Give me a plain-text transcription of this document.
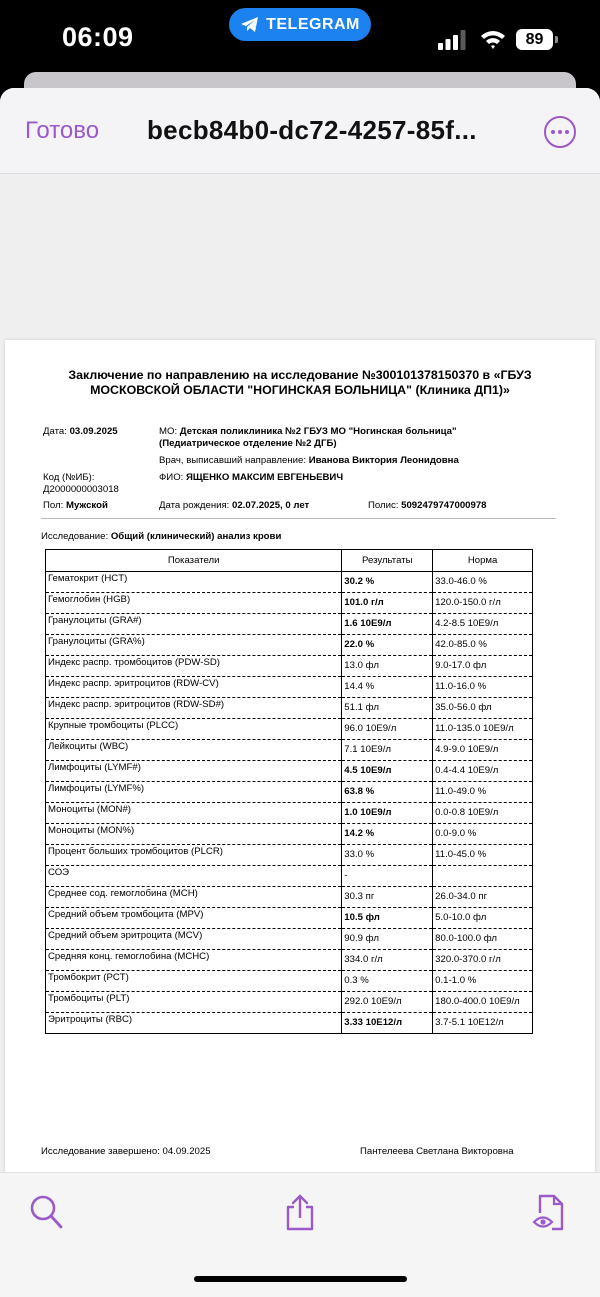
06:09	TELEGRAM
89
Готово becb84b0-dc72-4257-85f...
Заключение по направлению на исследование №300101378150370 в «ГБУЗ МОСКОВСКОЙ ОБЛАСТИ "НОГИНСКАЯ БОЛЬНИЦА" (Клиника ДП1)»
Дата: 03.09.2025	МО: Детская поликлиника №2 ГБУЗ МО "Ногинская больница"
(Педиатрическое отделение №2 ДГБ)
Врач, выписавший направление: Иванова Виктория Леонидовна
Код (№ИБ):
Д2000000003018
ФИО: ЯЩЕНКО МАКСИМ ЕВГЕНЬЕВИЧ
Пол: Мужской	Дата рождения: 02.07.2025, 0 лет	Полис: 5092479747000978
Исследование: Общий (клинический) анализ крови
Показатели	Результаты	Норма
Гематокрит (HCT)	30.2 %	33.0-46.0 %
Гемоглобин (HGB)	101.0 г/л	120.0-150.0 г/л
Гранулоциты (GRA#)	1.6 10E9/л	4.2-8.5 10E9/л
Гранулоциты (GRA%)	22.0 %	42.0-85.0 %
Индекс распр. тромбоцитов (PDW-SD)	13.0 фл	9.0-17.0 фл
Индекс распр. эритроцитов (RDW-CV)	14.4 %	11.0-16.0 %
Индекс распр. эритроцитов (RDW-SD#)	51.1 фл	35.0-56.0 фл
Крупные тромбоциты (PLCC)	96.0 10E9/л	11.0-135.0 10E9/л
Лейкоциты (WBC)	7.1 10E9/л	4.9-9.0 10E9/л
Лимфоциты (LYMF#)	4.5 10E9/л	0.4-4.4 10E9/л
Лимфоциты (LYMF%)	63.8 %	11.0-49.0 %
Моноциты (MON#)	1.0 10E9/л	0.0-0.8 10E9/л
Моноциты (MON%)	14.2 %	0.0-9.0 %
Процент больших тромбоцитов (PLCR)	33.0 %	11.0-45.0 %
СОЭ	-	
Среднее сод. гемоглобина (MCH)	30.3 пг	26.0-34.0 пг
Средний объем тромбоцита (MPV)	10.5 фл	5.0-10.0 фл
Средний объем эритроцита (MCV)	90.9 фл	80.0-100.0 фл
Средняя конц. гемоглобина (MCHC)	334.0 г/л	320.0-370.0 г/л
Тромбокрит (PCT)	0.3 %	0.1-1.0 %
Тромбоциты (PLT)	292.0 10E9/л	180.0-400.0 10E9/л
Эритроциты (RBC)	3.33 10E12/л	3.7-5.1 10E12/л
Исследование завершено: 04.09.2025	Пантелеева Светлана Викторовна
